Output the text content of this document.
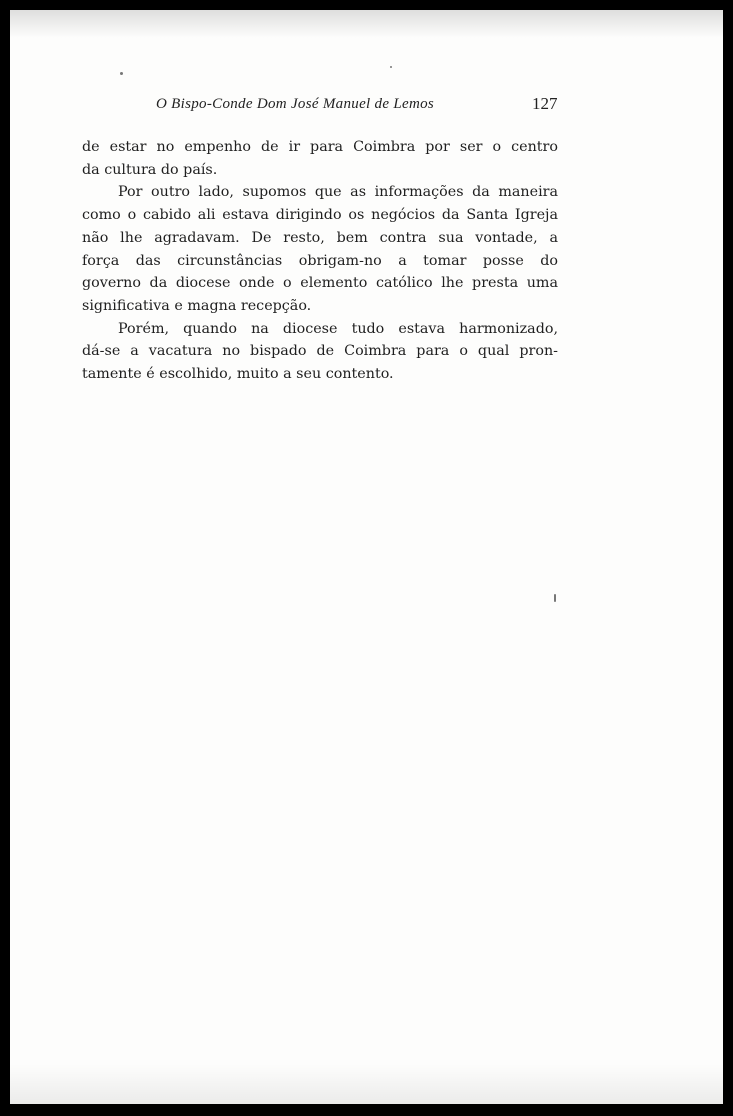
O Bispo-Conde Dom José Manuel de Lemos	127
de estar no empenho de ir para Coimbra por ser o centro
da cultura do país.
Por outro lado, supomos que as informações da maneira
como o cabido ali estava dirigindo os negócios da Santa Igreja
não lhe agradavam. De resto, bem contra sua vontade, a
força das circunstâncias obrigam-no a tomar posse do
governo da diocese onde o elemento católico lhe presta uma
significativa e magna recepção.
Porém, quando na diocese tudo estava harmonizado,
dá-se a vacatura no bispado de Coimbra para o qual pron-
tamente é escolhido, muito a seu contento.
